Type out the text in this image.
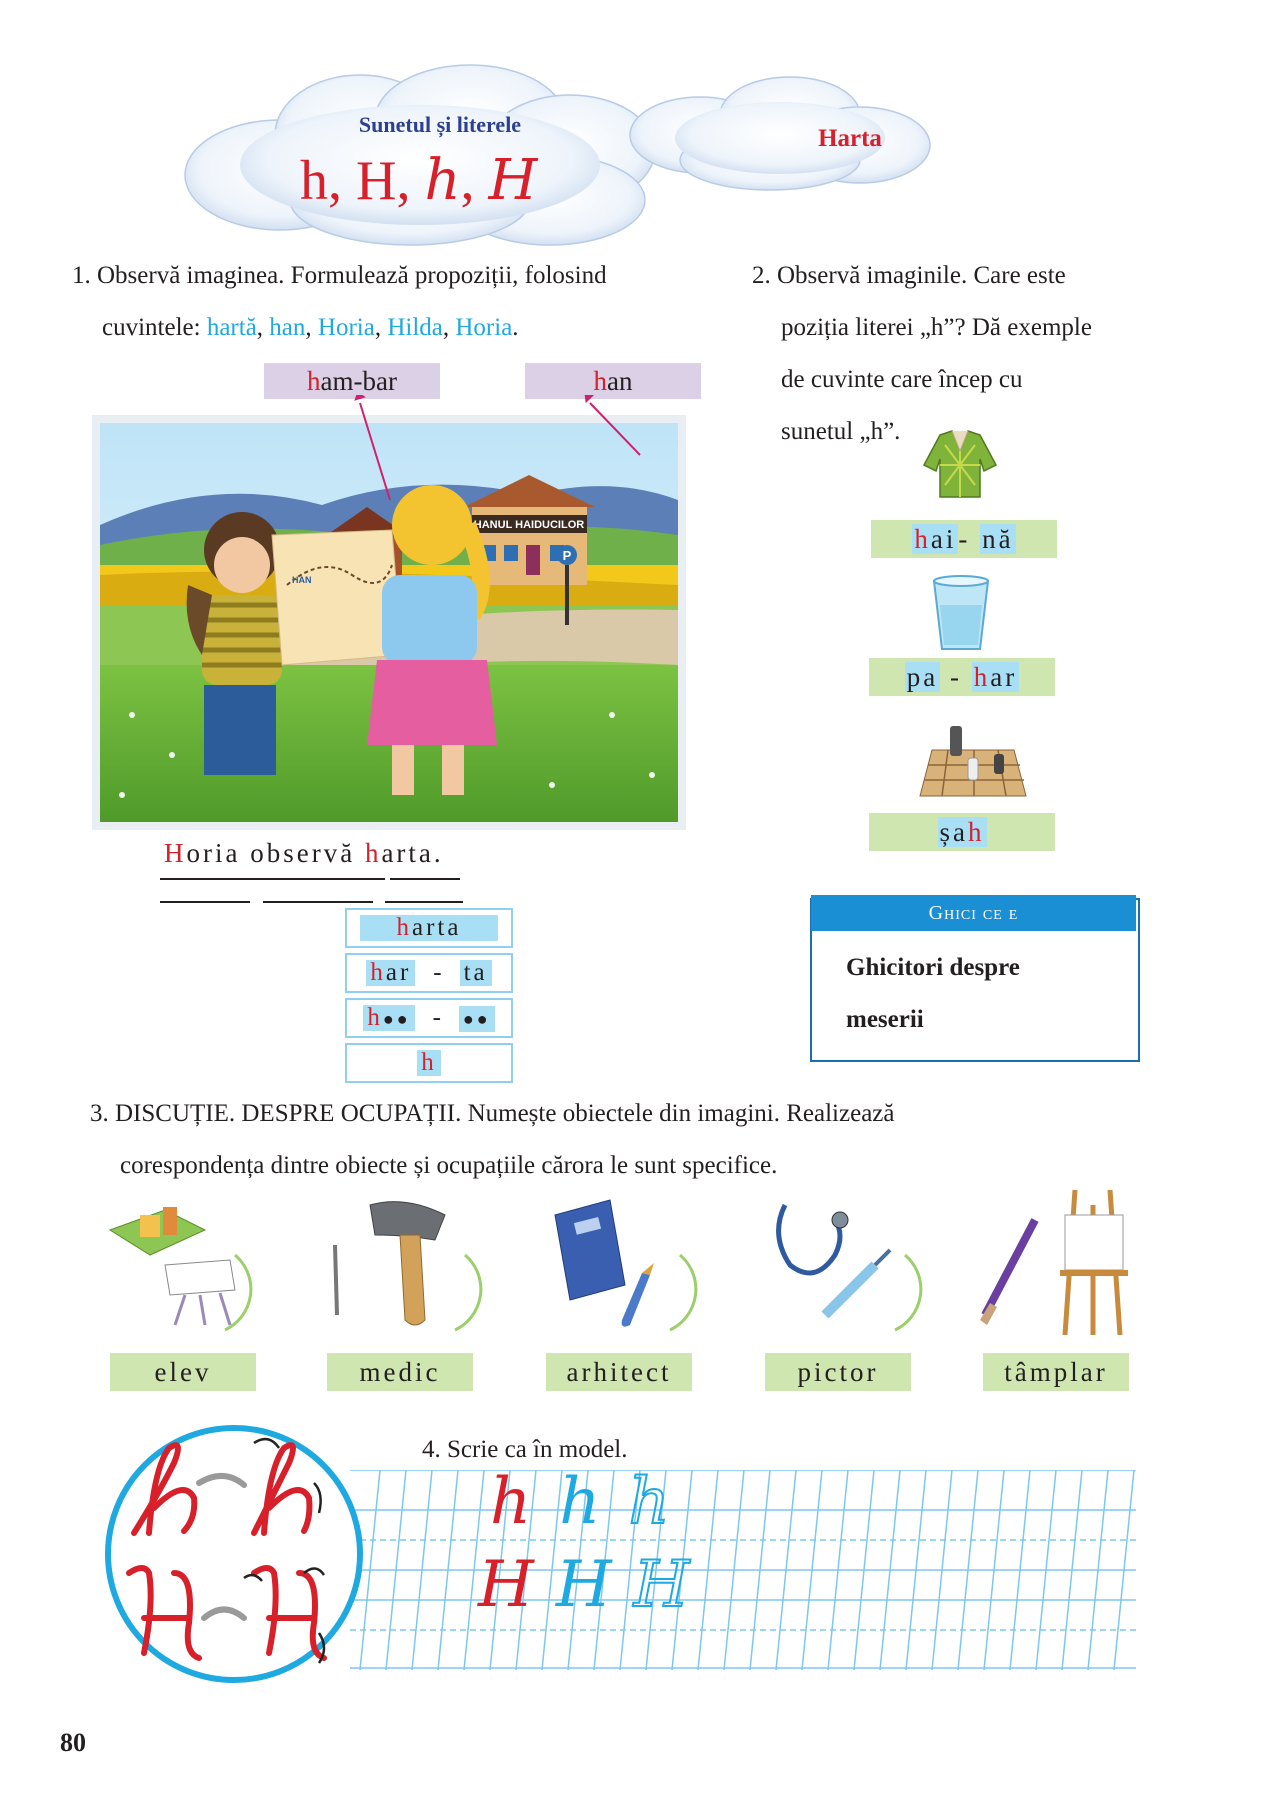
Sunetul și literele
h, H, h, H
Harta
1. Observă imaginea. Formulează propoziții, folosind
cuvintele: hartă, han, Horia, Hilda, Horia.
ham-bar	han
HANUL HAIDUCILOR
P
HAN
Horia observă harta.
harta
har - ta
h●● - ●●
h
2. Observă imaginile. Care este
poziția literei „h”? Dă exemple
de cuvinte care încep cu
sunetul „h”.
hai- nă
pa - har
șah
Ghici ce e
Ghicitori despre
meserii
3. DISCUȚIE. DESPRE OCUPAȚII. Numește obiectele din imagini. Realizează
corespondența dintre obiecte și ocupațiile cărora le sunt specifice.
elev	medic	arhitect	pictor	tâmplar
4. Scrie ca în model.
h h h
H H H
80
